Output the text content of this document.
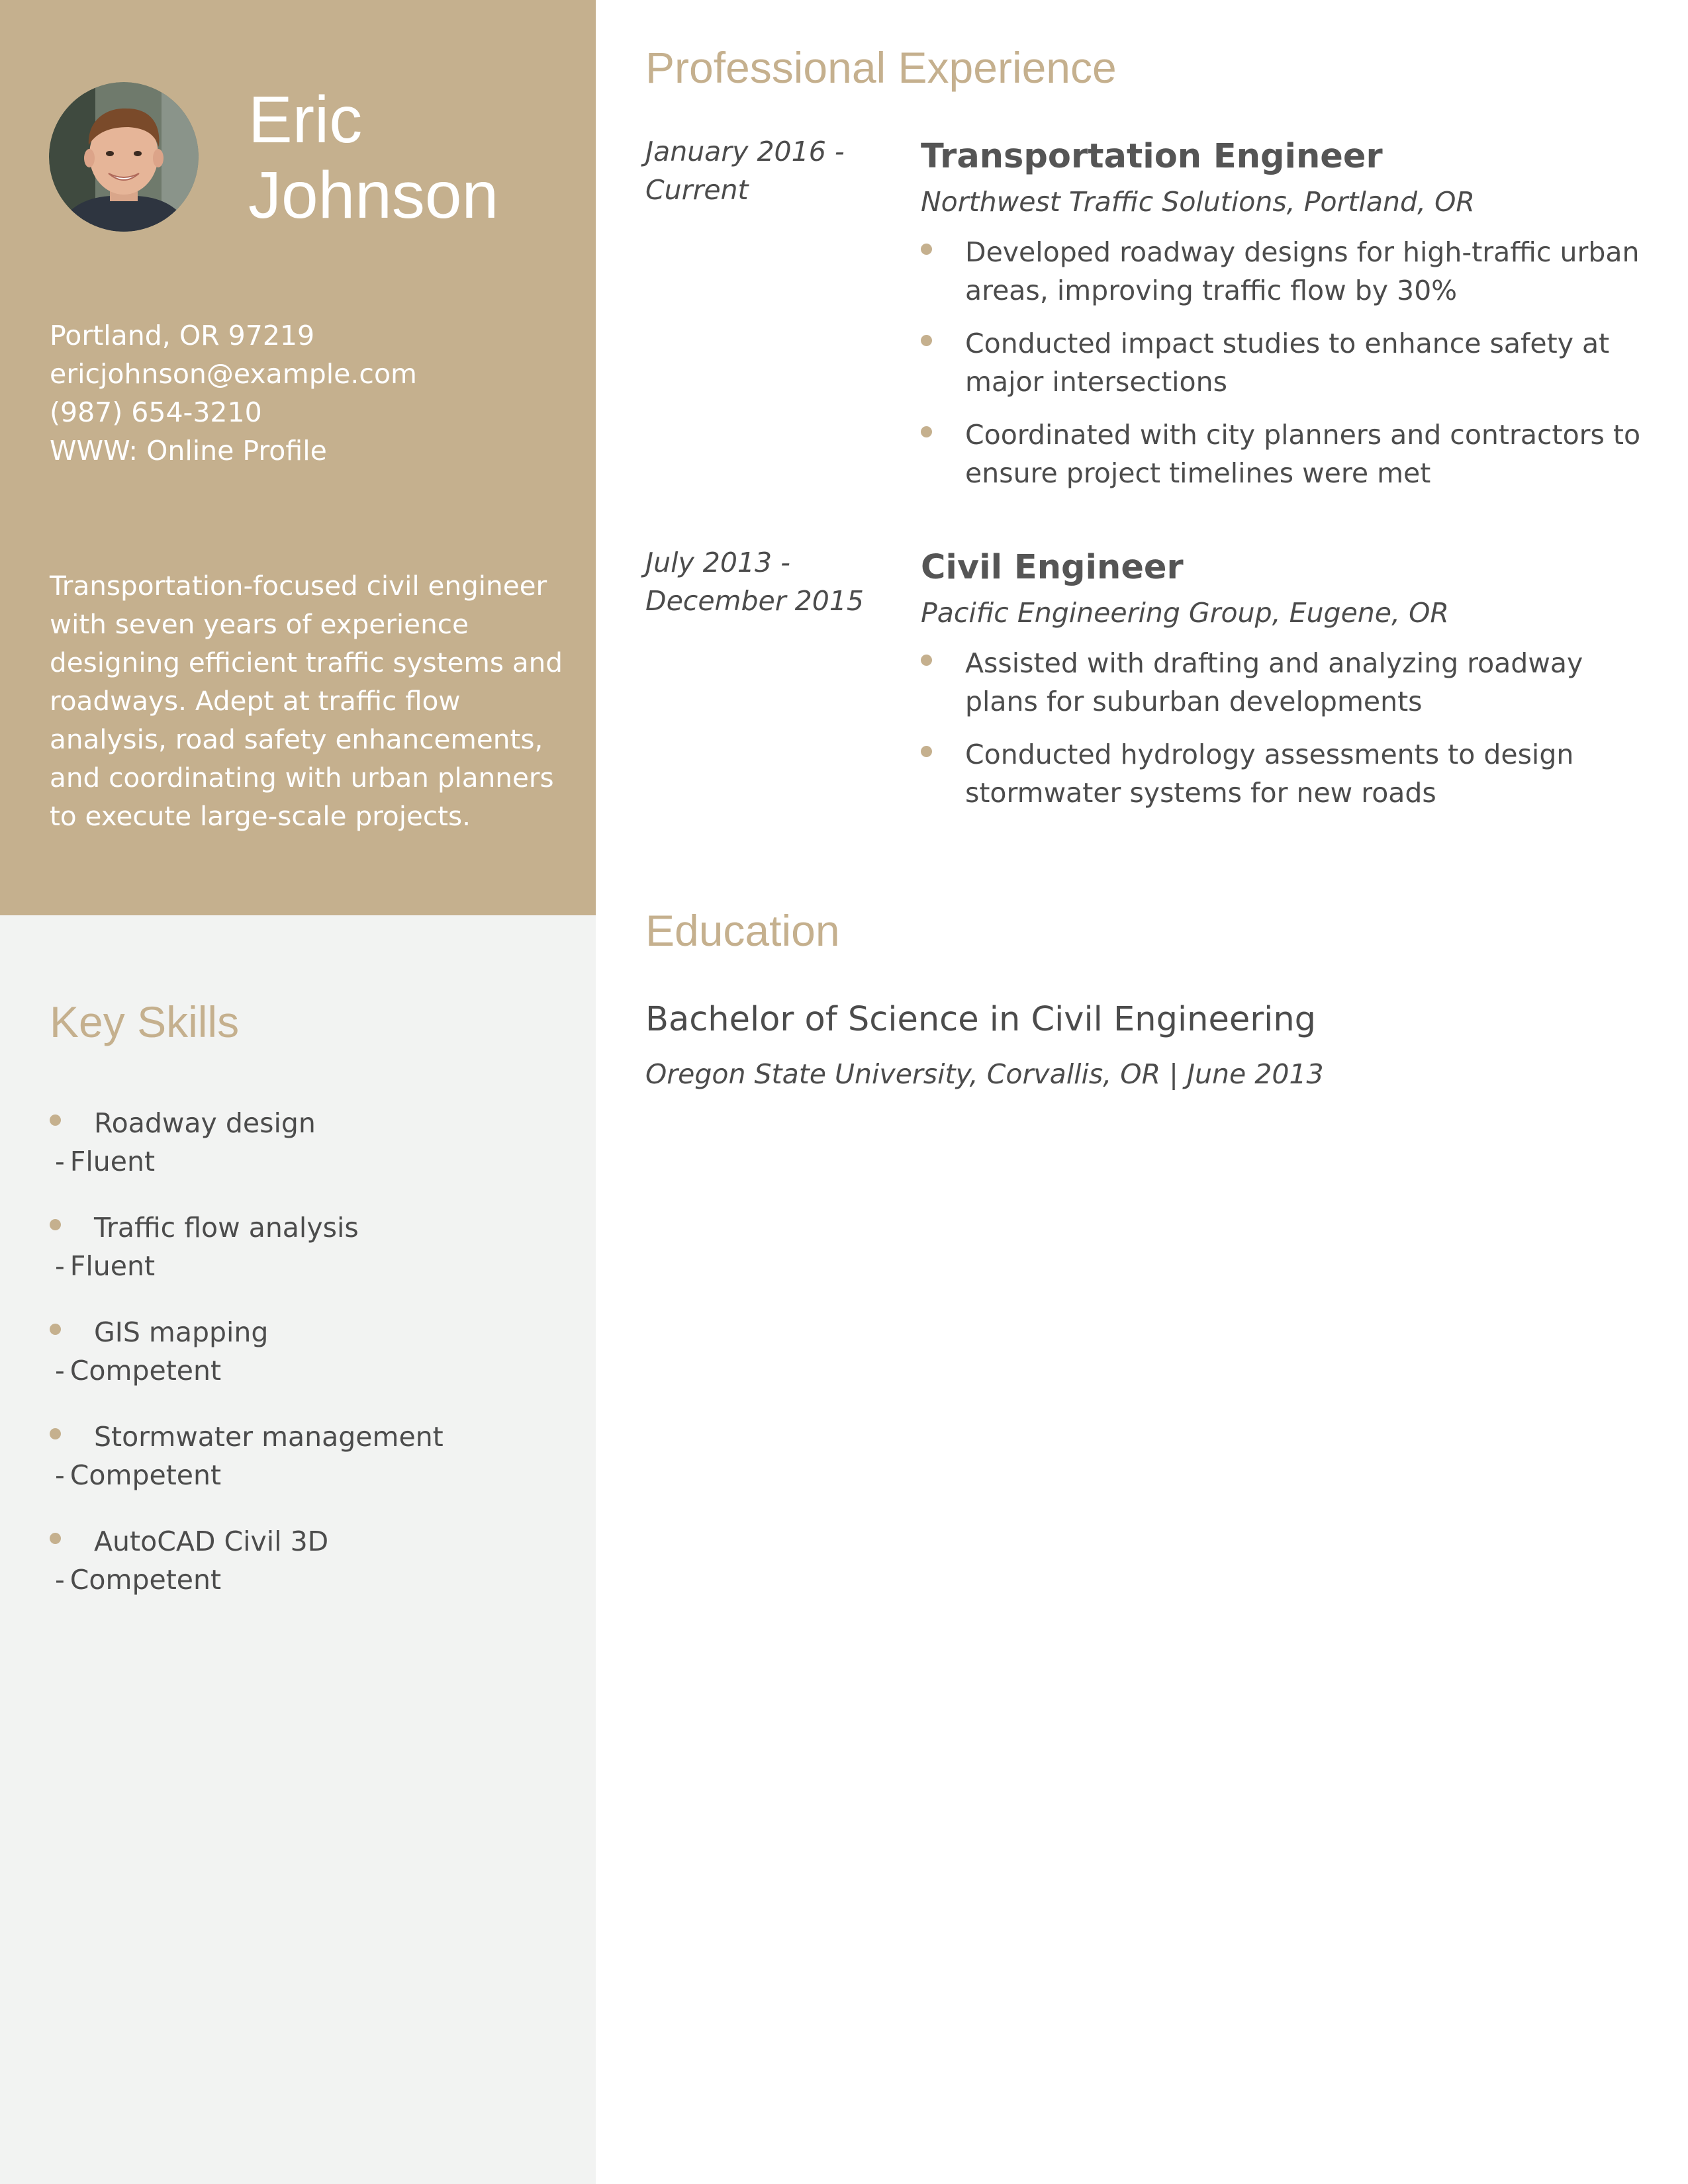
Eric
Johnson
Portland, OR 97219
ericjohnson@example.com
(987) 654-3210
WWW: Online Profile
Transportation-focused civil engineer with seven years of experience designing efficient traffic systems and roadways. Adept at traffic flow analysis, road safety enhancements, and coordinating with urban planners to execute large-scale projects.
Key Skills
Roadway design
- Fluent
Traffic flow analysis
- Fluent
GIS mapping
- Competent
Stormwater management
- Competent
AutoCAD Civil 3D
- Competent
Professional Experience
January 2016 -
Current
Transportation Engineer
Northwest Traffic Solutions, Portland, OR
Developed roadway designs for high-traffic urban areas, improving traffic flow by 30%
Conducted impact studies to enhance safety at major intersections
Coordinated with city planners and contractors to ensure project timelines were met
July 2013 -
December 2015
Civil Engineer
Pacific Engineering Group, Eugene, OR
Assisted with drafting and analyzing roadway plans for suburban developments
Conducted hydrology assessments to design stormwater systems for new roads
Education
Bachelor of Science in Civil Engineering
Oregon State University, Corvallis, OR | June 2013
